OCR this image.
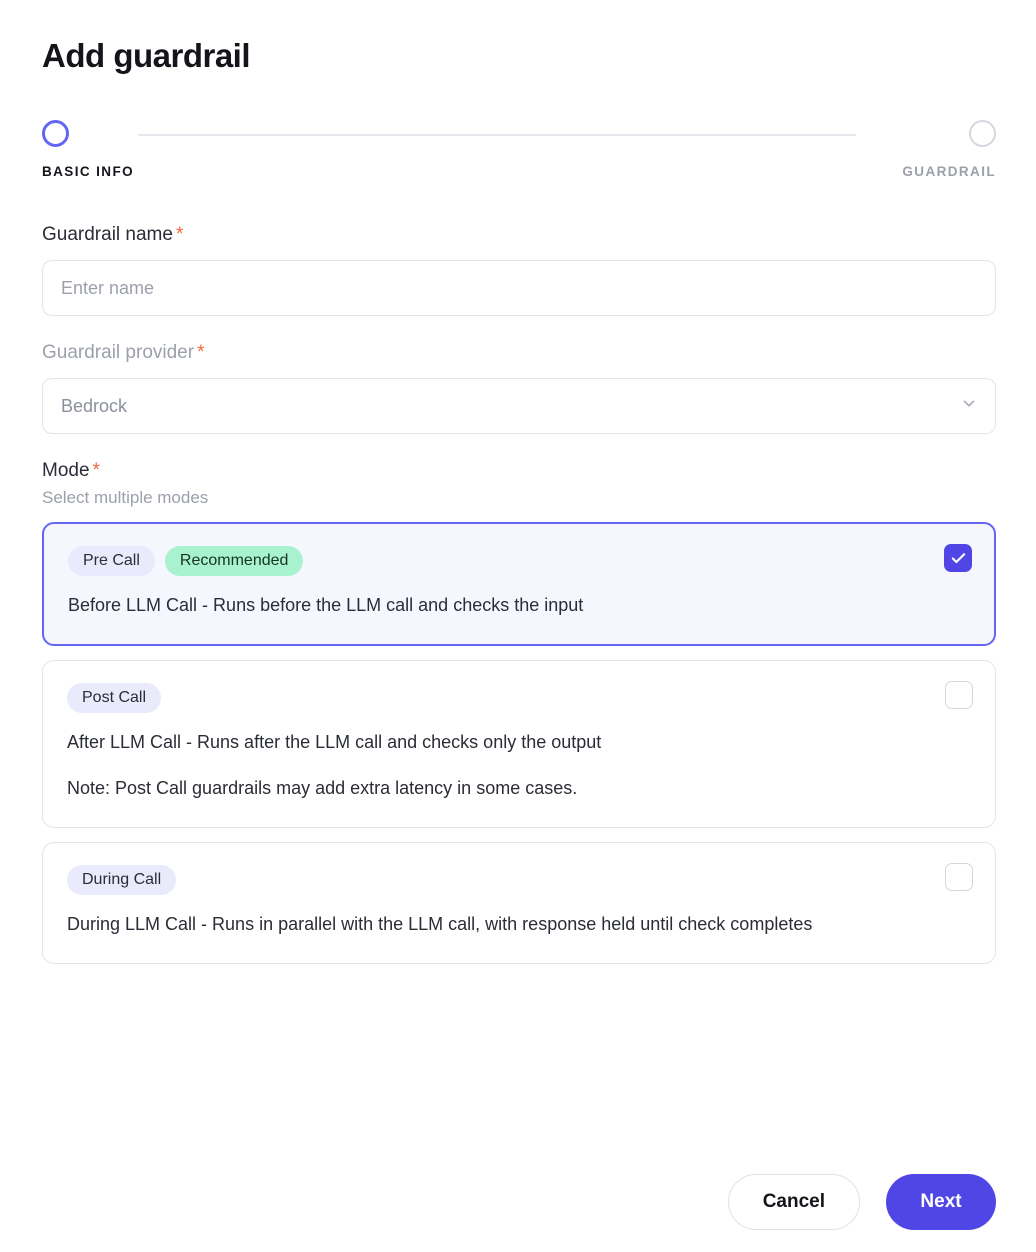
Add guardrail
BASIC INFO	GUARDRAIL
Guardrail name *
Enter name
Guardrail provider *
Bedrock
Mode *
Select multiple modes
Pre Call	Recommended

Before LLM Call - Runs before the LLM call and checks the input

Post Call

After LLM Call - Runs after the LLM call and checks only the output

Note: Post Call guardrails may add extra latency in some cases.

During Call

During LLM Call - Runs in parallel with the LLM call, with response held until check completes

Cancel	Next
